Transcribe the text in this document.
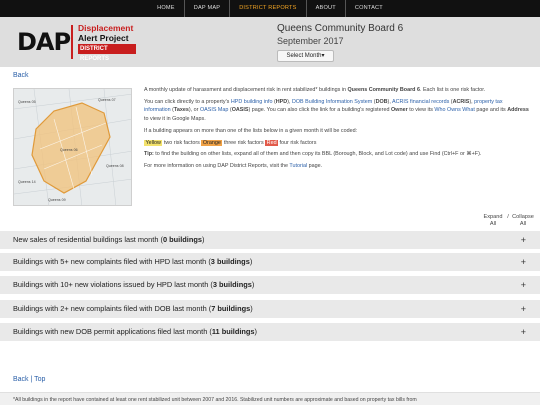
HOME	DAP MAP	DISTRICT REPORTS	ABOUT	CONTACT
DAP Displacement
Alert Project
DISTRICT REPORTS
Queens Community Board 6
September 2017
Select Month▾
Back
Queens 05
Queens 06
Queens 07
Queens 08
Queens 09
Queens 14

A monthly update of harassment and displacement risk in rent stabilized* buildings in Queens Community Board 6. Each list is one risk factor.

You can click directly to a property's HPD building info (HPD), DOB Building Information System (DOB), ACRIS financial records (ACRIS), property tax information (Taxes), or OASIS Map (OASIS) page. You can also click the link for a building's registered Owner to view its Who Owns What page and its Address to view it in Google Maps.

If a building appears on more than one of the lists below in a given month it will be coded:

Yellow two risk factors Orange three risk factors Red four risk factors

Tip: to find the building on other lists, expand all of them and then copy its BBL (Borough, Block, and Lot code) and use Find (Ctrl+F or ⌘+F).

For more information on using DAP District Reports, visit the Tutorial page.

Expand All/ Collapse All
New sales of residential buildings last month (0 buildings)	+
Buildings with 5+ new complaints filed with HPD last month (3 buildings)	+
Buildings with 10+ new violations issued by HPD last month (3 buildings)	+
Buildings with 2+ new complaints filed with DOB last month (7 buildings)	+
Buildings with new DOB permit applications filed last month (11 buildings)	+
Back | Top
*All buildings in the report have contained at least one rent stabilized unit between 2007 and 2016. Stabilized unit numbers are approximate and based on property tax bills from
